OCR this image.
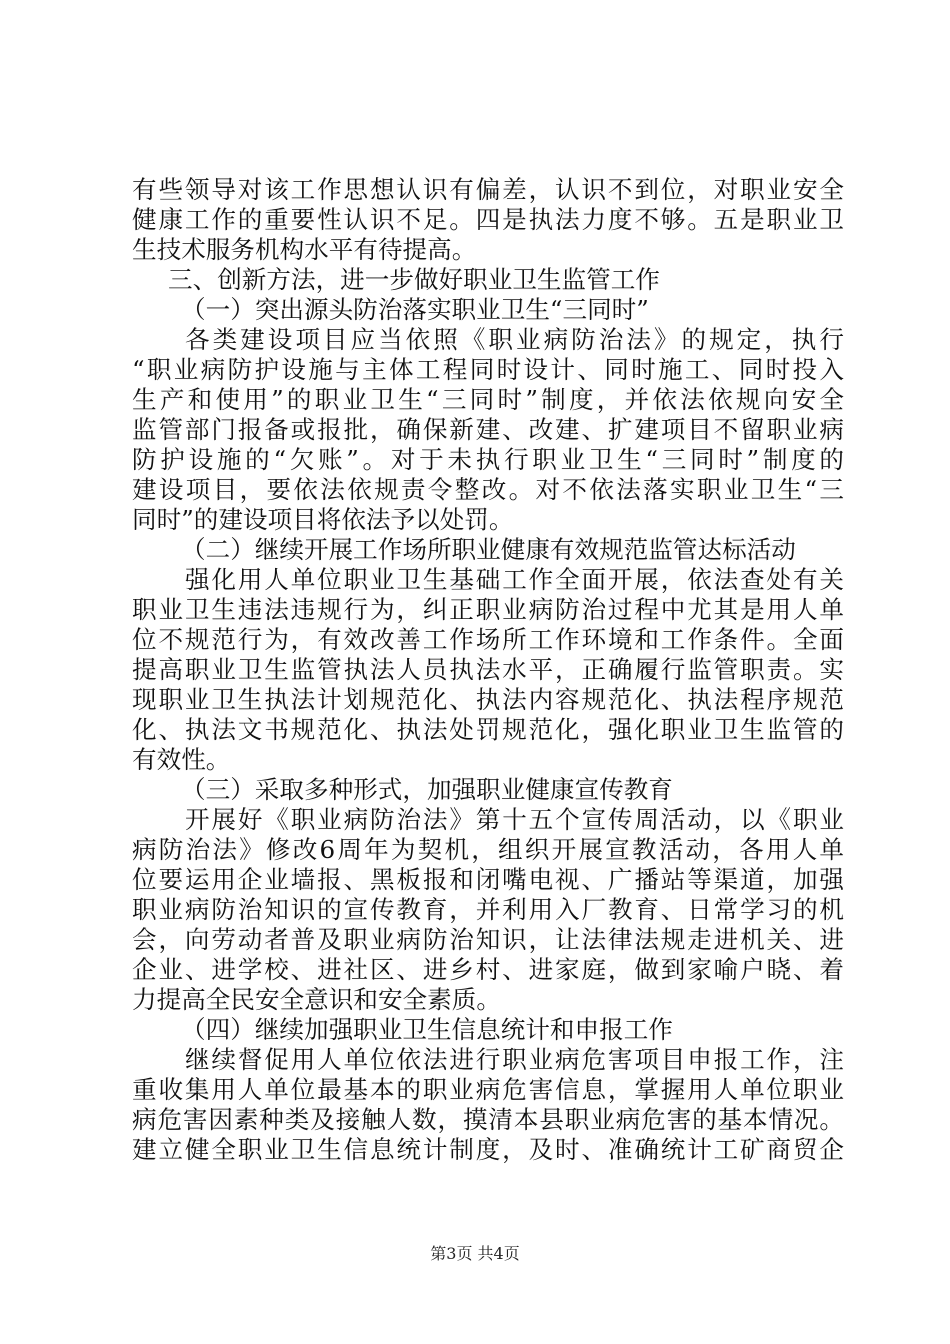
有些领导对该工作思想认识有偏差，认识不到位，对职业安全
健康工作的重要性认识不足。四是执法力度不够。五是职业卫
生技术服务机构水平有待提高。
三、创新方法，进一步做好职业卫生监管工作
（一）突出源头防治落实职业卫生“三同时”
各类建设项目应当依照《职业病防治法》的规定，执行
“职业病防护设施与主体工程同时设计、同时施工、同时投入
生产和使用”的职业卫生“三同时”制度，并依法依规向安全
监管部门报备或报批，确保新建、改建、扩建项目不留职业病
防护设施的“欠账”。对于未执行职业卫生“三同时”制度的
建设项目，要依法依规责令整改。对不依法落实职业卫生“三
同时”的建设项目将依法予以处罚。
（二）继续开展工作场所职业健康有效规范监管达标活动
强化用人单位职业卫生基础工作全面开展，依法查处有关
职业卫生违法违规行为，纠正职业病防治过程中尤其是用人单
位不规范行为，有效改善工作场所工作环境和工作条件。全面
提高职业卫生监管执法人员执法水平，正确履行监管职责。实
现职业卫生执法计划规范化、执法内容规范化、执法程序规范
化、执法文书规范化、执法处罚规范化，强化职业卫生监管的
有效性。
（三）采取多种形式，加强职业健康宣传教育
开展好《职业病防治法》第十五个宣传周活动，以《职业
病防治法》修改6周年为契机，组织开展宣教活动，各用人单
位要运用企业墙报、黑板报和闭嘴电视、广播站等渠道，加强
职业病防治知识的宣传教育，并利用入厂教育、日常学习的机
会，向劳动者普及职业病防治知识，让法律法规走进机关、进
企业、进学校、进社区、进乡村、进家庭，做到家喻户晓、着
力提高全民安全意识和安全素质。
（四）继续加强职业卫生信息统计和申报工作
继续督促用人单位依法进行职业病危害项目申报工作，注
重收集用人单位最基本的职业病危害信息，掌握用人单位职业
病危害因素种类及接触人数，摸清本县职业病危害的基本情况。
建立健全职业卫生信息统计制度，及时、准确统计工矿商贸企
第3页 共4页
